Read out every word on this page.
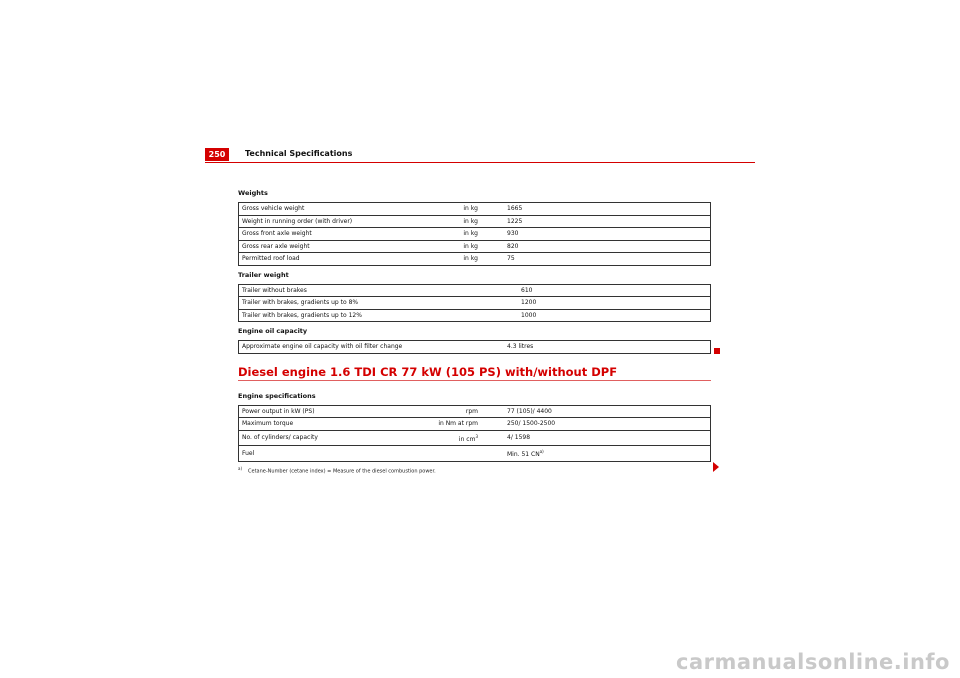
250	Technical Specifications

Weights

Gross vehicle weight	in kg	1665
Weight in running order (with driver)	in kg	1225
Gross front axle weight	in kg	930
Gross rear axle weight	in kg	820
Permitted roof load	in kg	75

Trailer weight

Trailer without brakes	610
Trailer with brakes, gradients up to 8%	1200
Trailer with brakes, gradients up to 12%	1000

Engine oil capacity

Approximate engine oil capacity with oil filter change	4.3 litres
Diesel engine 1.6 TDI CR 77 kW (105 PS) with/without DPF

Engine specifications

Power output in kW (PS)	rpm	77 (105)/ 4400
Maximum torque	in Nm at rpm	250/ 1500-2500
No. of cylinders/ capacity	in $cm^3$	4/ 1598
Fuel		Min. 51 CN$^{a)}$
$^{a)}$Cetane-Number (cetane index) = Measure of the diesel combustion power.
carmanualsonline.info
